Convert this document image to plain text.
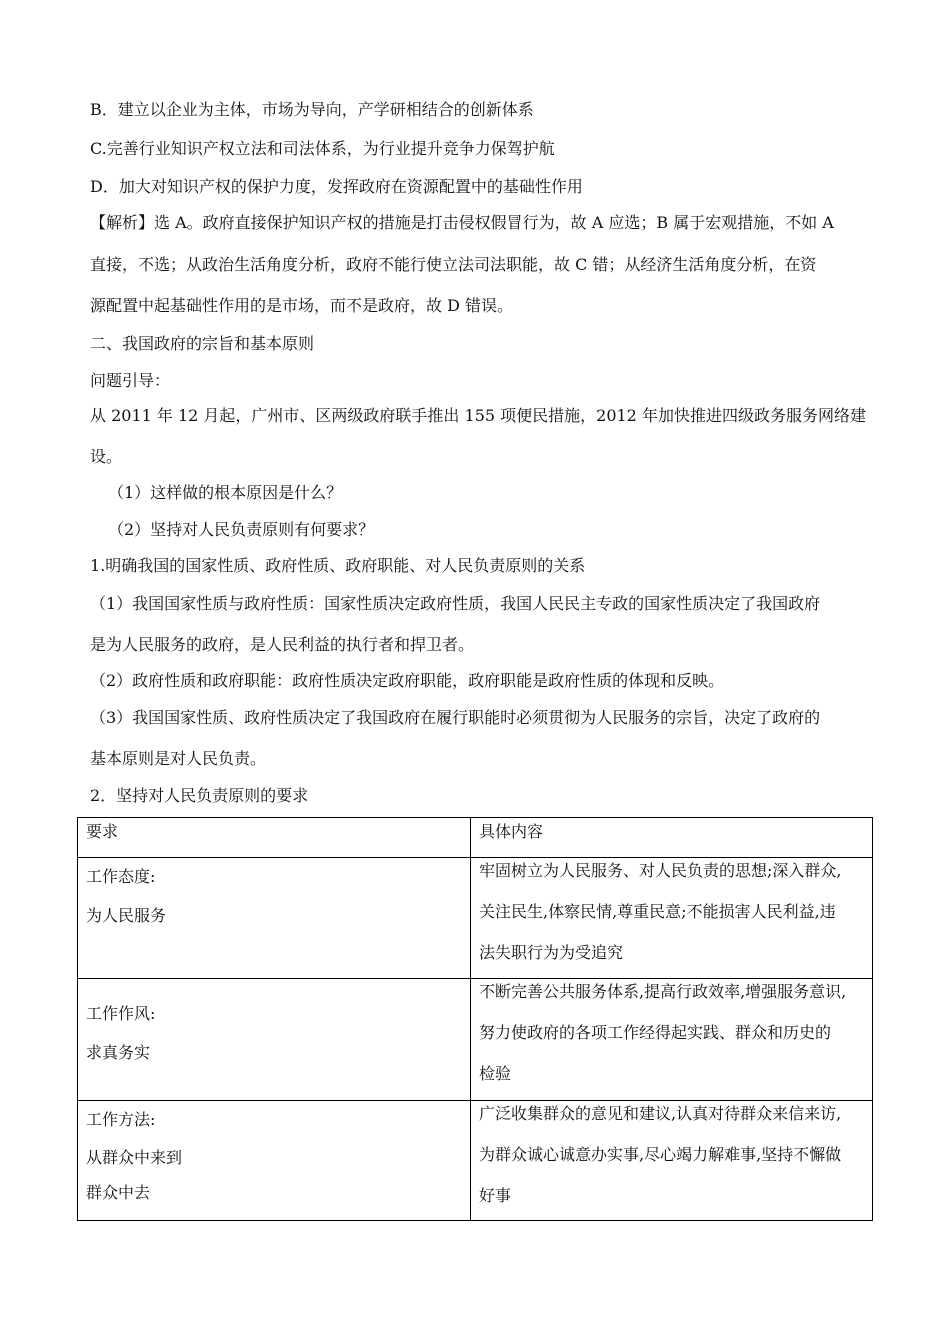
B．建立以企业为主体，市场为导向，产学研相结合的创新体系
C.完善行业知识产权立法和司法体系，为行业提升竞争力保驾护航
D．加大对知识产权的保护力度，发挥政府在资源配置中的基础性作用
【解析】选 A。政府直接保护知识产权的措施是打击侵权假冒行为，故 A 应选；B 属于宏观措施，不如 A
直接，不选；从政治生活角度分析，政府不能行使立法司法职能，故 C 错；从经济生活角度分析，在资
源配置中起基础性作用的是市场，而不是政府，故 D 错误。
二、我国政府的宗旨和基本原则
问题引导：
从 2011 年 12 月起，广州市、区两级政府联手推出 155 项便民措施，2012 年加快推进四级政务服务网络建
设。
（1）这样做的根本原因是什么？
（2）坚持对人民负责原则有何要求？
1.明确我国的国家性质、政府性质、政府职能、对人民负责原则的关系
（1）我国国家性质与政府性质：国家性质决定政府性质，我国人民民主专政的国家性质决定了我国政府
是为人民服务的政府，是人民利益的执行者和捍卫者。
（2）政府性质和政府职能：政府性质决定政府职能，政府职能是政府性质的体现和反映。
（3）我国国家性质、政府性质决定了我国政府在履行职能时必须贯彻为人民服务的宗旨，决定了政府的
基本原则是对人民负责。
2．坚持对人民负责原则的要求
要求	具体内容

工作态度:
为人民服务	牢固树立为人民服务、对人民负责的思想;深入群众,
关注民生,体察民情,尊重民意;不能损害人民利益,违
法失职行为为受追究

工作作风:
求真务实	不断完善公共服务体系,提高行政效率,增强服务意识,
努力使政府的各项工作经得起实践、群众和历史的
检验

工作方法:
从群众中来到
群众中去	广泛收集群众的意见和建议,认真对待群众来信来访,
为群众诚心诚意办实事,尽心竭力解难事,坚持不懈做
好事
